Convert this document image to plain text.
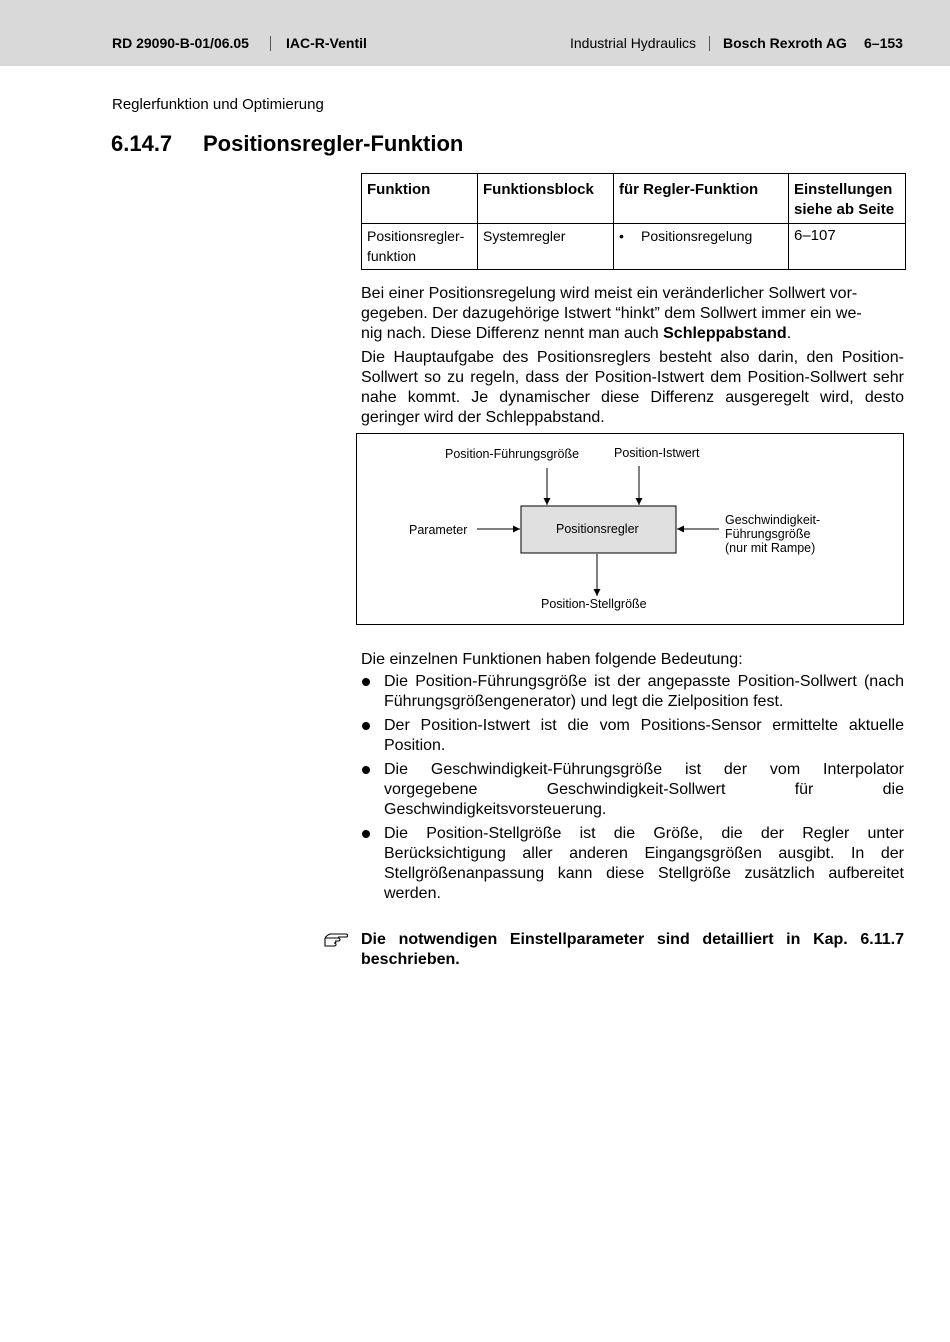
RD 29090-B-01/06.05	IAC-R-Ventil	Industrial Hydraulics Bosch Rexroth AG 6–153
Reglerfunktion und Optimierung
6.14.7 Positionsregler-Funktion
Funktion	Funktionsblock	für Regler-Funktion	Einstellungen siehe ab Seite
Positionsregler-funktion	Systemregler	• Positionsregelung	6–107
Bei einer Positionsregelung wird meist ein veränderlicher Sollwert vor-
gegeben. Der dazugehörige Istwert “hinkt” dem Sollwert immer ein we-
nig nach. Diese Differenz nennt man auch Schleppabstand.
Die Hauptaufgabe des Positionsreglers besteht also darin, den Position-Sollwert so zu regeln, dass der Position-Istwert dem Position-Sollwert sehr nahe kommt. Je dynamischer diese Differenz ausgeregelt wird, desto geringer wird der Schleppabstand.
Position-Führungsgröße	Position-Istwert
Parameter	Positionsregler
Geschwindigkeit-
Führungsgröße
(nur mit Rampe)
Position-Stellgröße
Die einzelnen Funktionen haben folgende Bedeutung:
Die Position-Führungsgröße ist der angepasste Position-Sollwert (nach Führungsgrößengenerator) und legt die Zielposition fest.
Der Position-Istwert ist die vom Positions-Sensor ermittelte aktuelle Position.
Die Geschwindigkeit-Führungsgröße ist der vom Interpolator vorgegebene Geschwindigkeit-Sollwert für die Geschwindigkeitsvorsteuerung.
Die Position-Stellgröße ist die Größe, die der Regler unter Berücksichtigung aller anderen Eingangsgrößen ausgibt. In der Stellgrößenanpassung kann diese Stellgröße zusätzlich aufbereitet werden.
Die notwendigen Einstellparameter sind detailliert in Kap. 6.11.7 beschrieben.
